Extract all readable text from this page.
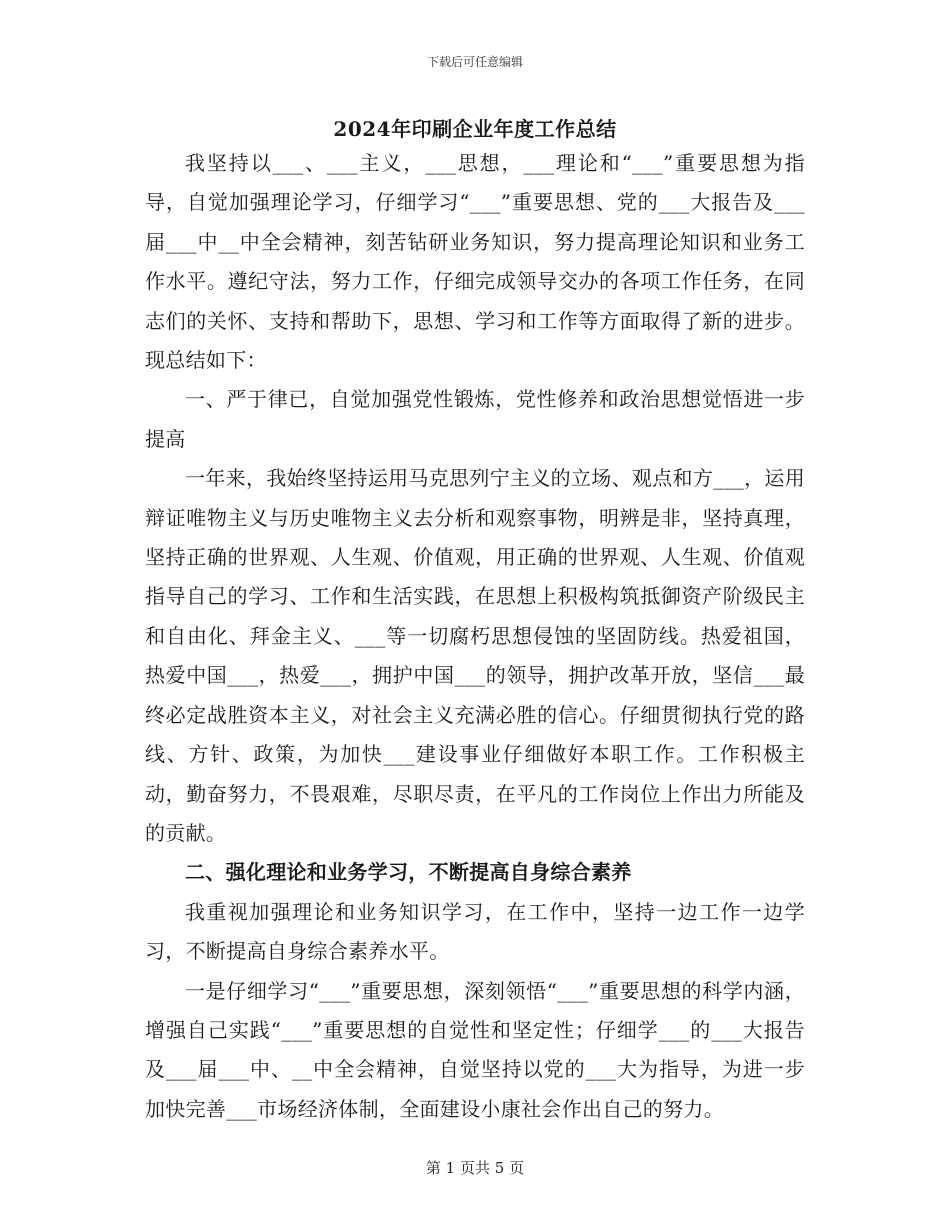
下载后可任意编辑
2024年印刷企业年度工作总结

我坚持以___、___主义，___思想，___理论和“___”重要思想为指导，自觉加强理论学习，仔细学习“___”重要思想、党的___大报告及___届___中__中全会精神，刻苦钻研业务知识，努力提高理论知识和业务工作水平。遵纪守法，努力工作，仔细完成领导交办的各项工作任务，在同志们的关怀、支持和帮助下，思想、学习和工作等方面取得了新的进步。现总结如下：

一、严于律已，自觉加强党性锻炼，党性修养和政治思想觉悟进一步提高

一年来，我始终坚持运用马克思列宁主义的立场、观点和方___，运用辩证唯物主义与历史唯物主义去分析和观察事物，明辨是非，坚持真理，坚持正确的世界观、人生观、价值观，用正确的世界观、人生观、价值观指导自己的学习、工作和生活实践，在思想上积极构筑抵御资产阶级民主和自由化、拜金主义、___等一切腐朽思想侵蚀的坚固防线。热爱祖国，热爱中国___，热爱___，拥护中国___的领导，拥护改革开放，坚信___最终必定战胜资本主义，对社会主义充满必胜的信心。仔细贯彻执行党的路线、方针、政策，为加快___建设事业仔细做好本职工作。工作积极主动，勤奋努力，不畏艰难，尽职尽责，在平凡的工作岗位上作出力所能及的贡献。

二、强化理论和业务学习，不断提高自身综合素养

我重视加强理论和业务知识学习，在工作中，坚持一边工作一边学习，不断提高自身综合素养水平。

一是仔细学习“___”重要思想，深刻领悟“___”重要思想的科学内涵，增强自己实践“___”重要思想的自觉性和坚定性；仔细学___的___大报告及___届___中、__中全会精神，自觉坚持以党的___大为指导，为进一步加快完善___市场经济体制，全面建设小康社会作出自己的努力。

第 1 页共 5 页
